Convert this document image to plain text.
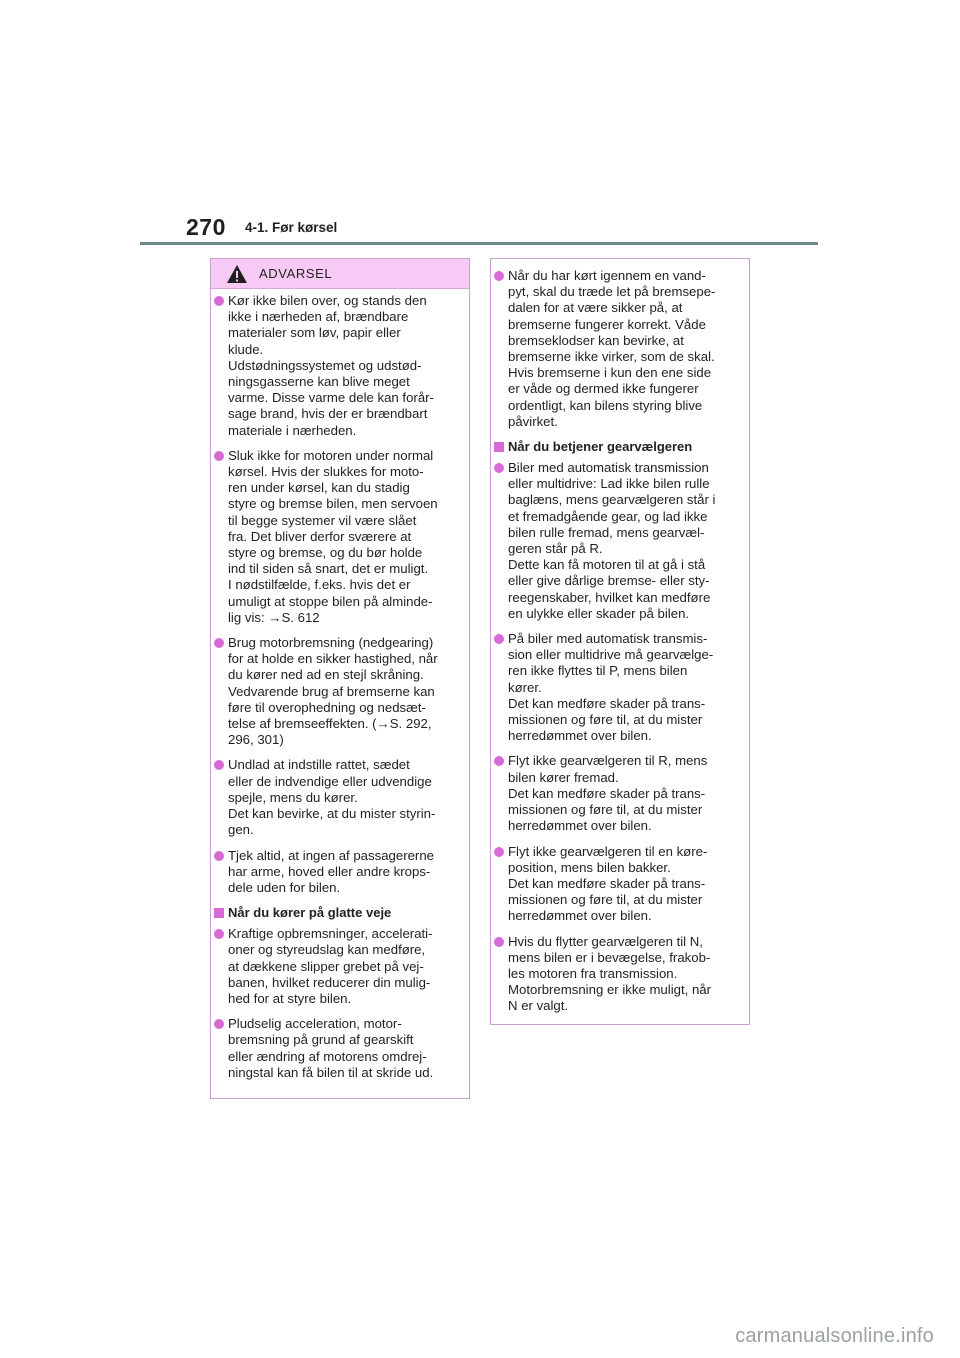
270 4-1. Før kørsel
ADVARSEL
Kør ikke bilen over, og stands den
ikke i nærheden af, brændbare
materialer som løv, papir eller
klude.
Udstødningssystemet og udstød-
ningsgasserne kan blive meget
varme. Disse varme dele kan forår-
sage brand, hvis der er brændbart
materiale i nærheden.
Sluk ikke for motoren under normal
kørsel. Hvis der slukkes for moto-
ren under kørsel, kan du stadig
styre og bremse bilen, men servoen
til begge systemer vil være slået
fra. Det bliver derfor sværere at
styre og bremse, og du bør holde
ind til siden så snart, det er muligt.
I nødstilfælde, f.eks. hvis det er
umuligt at stoppe bilen på alminde-
lig vis: →S. 612
Brug motorbremsning (nedgearing)
for at holde en sikker hastighed, når
du kører ned ad en stejl skråning.
Vedvarende brug af bremserne kan
føre til overophedning og nedsæt-
telse af bremseeffekten. (→S. 292,
296, 301)
Undlad at indstille rattet, sædet
eller de indvendige eller udvendige
spejle, mens du kører.
Det kan bevirke, at du mister styrin-
gen.
Tjek altid, at ingen af passagererne
har arme, hoved eller andre krops-
dele uden for bilen.
Når du kører på glatte veje
Kraftige opbremsninger, accelerati-
oner og styreudslag kan medføre,
at dækkene slipper grebet på vej-
banen, hvilket reducerer din mulig-
hed for at styre bilen.
Pludselig acceleration, motor-
bremsning på grund af gearskift
eller ændring af motorens omdrej-
ningstal kan få bilen til at skride ud.
Når du har kørt igennem en vand-
pyt, skal du træde let på bremsepe-
dalen for at være sikker på, at
bremserne fungerer korrekt. Våde
bremseklodser kan bevirke, at
bremserne ikke virker, som de skal.
Hvis bremserne i kun den ene side
er våde og dermed ikke fungerer
ordentligt, kan bilens styring blive
påvirket.
Når du betjener gearvælgeren
Biler med automatisk transmission
eller multidrive: Lad ikke bilen rulle
baglæns, mens gearvælgeren står i
et fremadgående gear, og lad ikke
bilen rulle fremad, mens gearvæl-
geren står på R.
Dette kan få motoren til at gå i stå
eller give dårlige bremse- eller sty-
reegenskaber, hvilket kan medføre
en ulykke eller skader på bilen.
På biler med automatisk transmis-
sion eller multidrive må gearvælge-
ren ikke flyttes til P, mens bilen
kører.
Det kan medføre skader på trans-
missionen og føre til, at du mister
herredømmet over bilen.
Flyt ikke gearvælgeren til R, mens
bilen kører fremad.
Det kan medføre skader på trans-
missionen og føre til, at du mister
herredømmet over bilen.
Flyt ikke gearvælgeren til en køre-
position, mens bilen bakker.
Det kan medføre skader på trans-
missionen og føre til, at du mister
herredømmet over bilen.
Hvis du flytter gearvælgeren til N,
mens bilen er i bevægelse, frakob-
les motoren fra transmission.
Motorbremsning er ikke muligt, når
N er valgt.
carmanualsonline.info
